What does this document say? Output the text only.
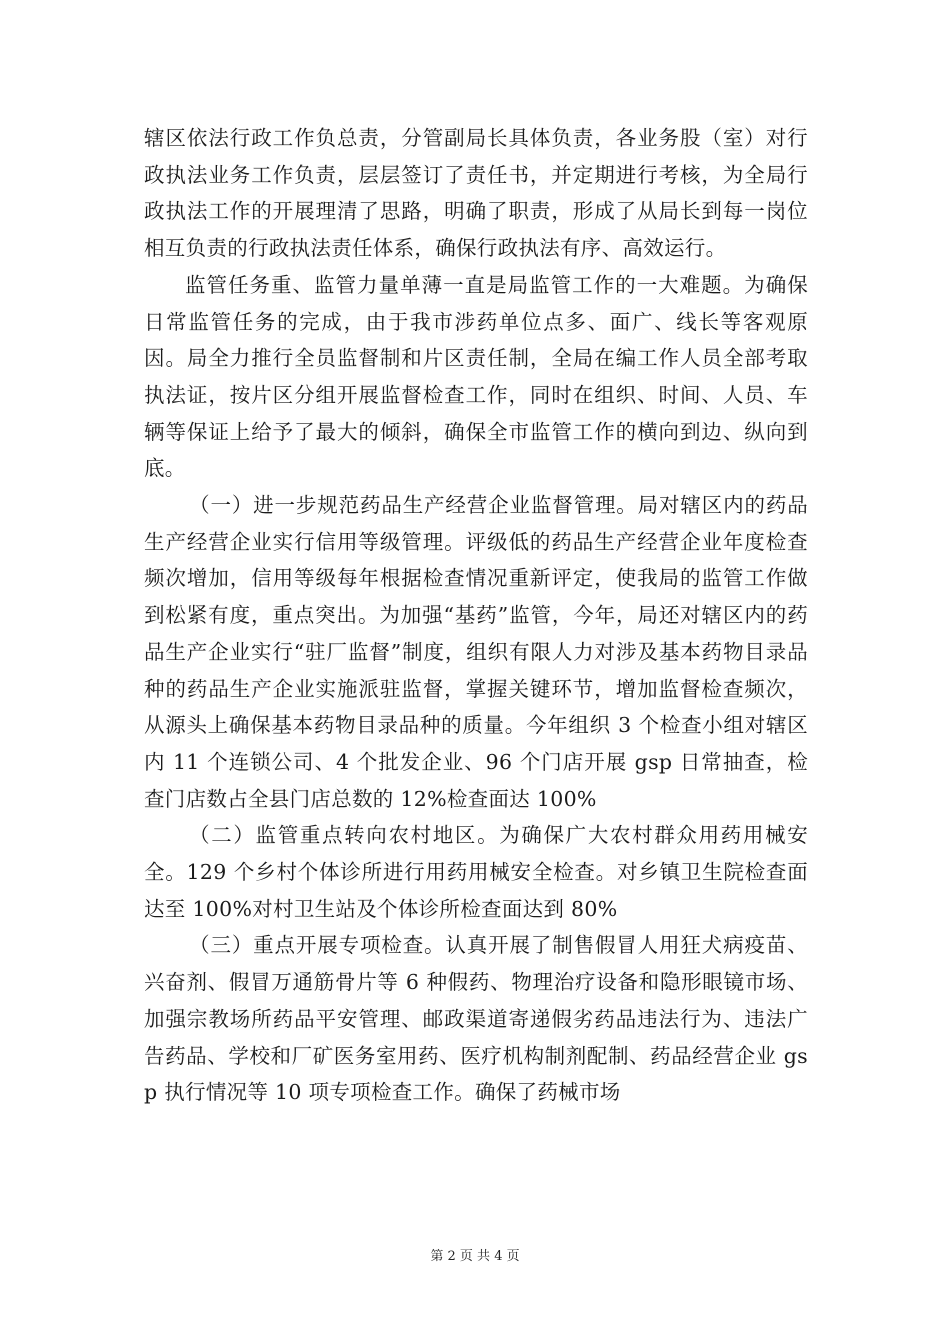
辖区依法行政工作负总责，分管副局长具体负责，各业务股（室）对行政执法业务工作负责，层层签订了责任书，并定期进行考核，为全局行政执法工作的开展理清了思路，明确了职责，形成了从局长到每一岗位相互负责的行政执法责任体系，确保行政执法有序、高效运行。

监管任务重、监管力量单薄一直是局监管工作的一大难题。为确保日常监管任务的完成，由于我市涉药单位点多、面广、线长等客观原因。局全力推行全员监督制和片区责任制，全局在编工作人员全部考取执法证，按片区分组开展监督检查工作，同时在组织、时间、人员、车辆等保证上给予了最大的倾斜，确保全市监管工作的横向到边、纵向到底。

（一）进一步规范药品生产经营企业监督管理。局对辖区内的药品生产经营企业实行信用等级管理。评级低的药品生产经营企业年度检查频次增加，信用等级每年根据检查情况重新评定，使我局的监管工作做到松紧有度，重点突出。为加强“基药”监管，今年，局还对辖区内的药品生产企业实行“驻厂监督”制度，组织有限人力对涉及基本药物目录品种的药品生产企业实施派驻监督，掌握关键环节，增加监督检查频次，从源头上确保基本药物目录品种的质量。今年组织 3 个检查小组对辖区内 11 个连锁公司、4 个批发企业、96 个门店开展 gsp 日常抽查，检查门店数占全县门店总数的 12%检查面达 100%

（二）监管重点转向农村地区。为确保广大农村群众用药用械安全。129 个乡村个体诊所进行用药用械安全检查。对乡镇卫生院检查面达至 100%对村卫生站及个体诊所检查面达到 80%

（三）重点开展专项检查。认真开展了制售假冒人用狂犬病疫苗、兴奋剂、假冒万通筋骨片等 6 种假药、物理治疗设备和隐形眼镜市场、加强宗教场所药品平安管理、邮政渠道寄递假劣药品违法行为、违法广告药品、学校和厂矿医务室用药、医疗机构制剂配制、药品经营企业 gsp 执行情况等 10 项专项检查工作。确保了药械市场

第 2 页 共 4 页
